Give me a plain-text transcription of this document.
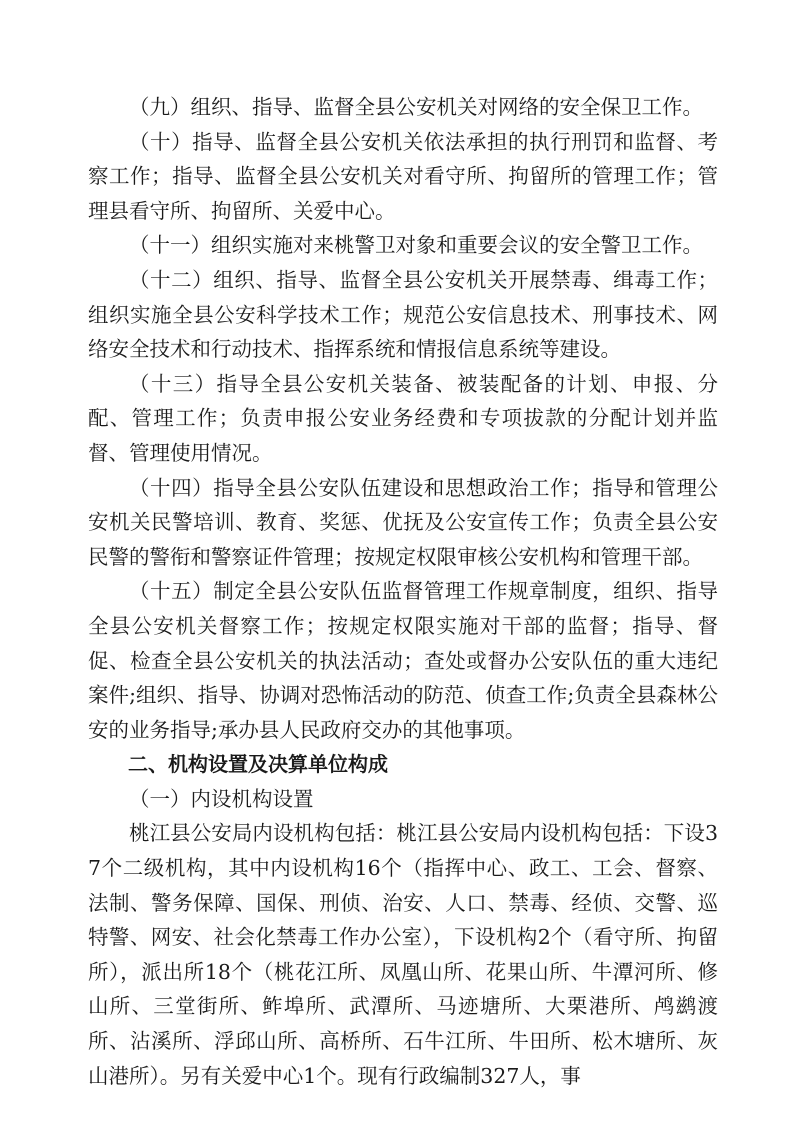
（九）组织、指导、监督全县公安机关对网络的安全保卫工作。

（十）指导、监督全县公安机关依法承担的执行刑罚和监督、考察工作；指导、监督全县公安机关对看守所、拘留所的管理工作；管理县看守所、拘留所、关爱中心。

（十一）组织实施对来桃警卫对象和重要会议的安全警卫工作。

（十二）组织、指导、监督全县公安机关开展禁毒、缉毒工作；组织实施全县公安科学技术工作；规范公安信息技术、刑事技术、网络安全技术和行动技术、指挥系统和情报信息系统等建设。

（十三）指导全县公安机关装备、被装配备的计划、申报、分配、管理工作；负责申报公安业务经费和专项拔款的分配计划并监督、管理使用情况。

（十四）指导全县公安队伍建设和思想政治工作；指导和管理公安机关民警培训、教育、奖惩、优抚及公安宣传工作；负责全县公安民警的警衔和警察证件管理；按规定权限审核公安机构和管理干部。

（十五）制定全县公安队伍监督管理工作规章制度，组织、指导全县公安机关督察工作；按规定权限实施对干部的监督；指导、督促、检查全县公安机关的执法活动；查处或督办公安队伍的重大违纪案件;组织、指导、协调对恐怖活动的防范、侦查工作;负责全县森林公安的业务指导;承办县人民政府交办的其他事项。

二、机构设置及决算单位构成

（一）内设机构设置

桃江县公安局内设机构包括：桃江县公安局内设机构包括：下设37个二级机构，其中内设机构16个（指挥中心、政工、工会、督察、法制、警务保障、国保、刑侦、治安、人口、禁毒、经侦、交警、巡特警、网安、社会化禁毒工作办公室），下设机构2个（看守所、拘留所），派出所18个（桃花江所、凤凰山所、花果山所、牛潭河所、修山所、三堂街所、鲊埠所、武潭所、马迹塘所、大栗港所、鸬鹚渡所、沾溪所、浮邱山所、高桥所、石牛江所、牛田所、松木塘所、灰山港所）。另有关爱中心1个。现有行政编制327人，事
